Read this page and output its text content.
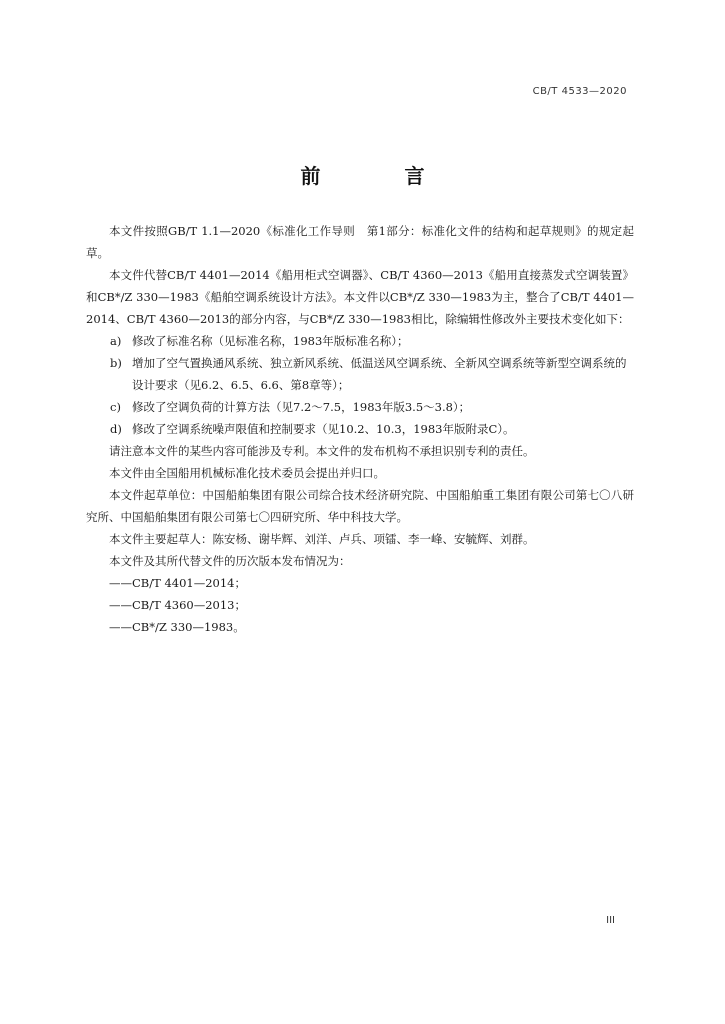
CB/T 4533—2020
前　言

本文件按照GB/T 1.1—2020《标准化工作导则　第1部分：标准化文件的结构和起草规则》的规定起草。

本文件代替CB/T 4401—2014《船用柜式空调器》、CB/T 4360—2013《船用直接蒸发式空调装置》和CB*/Z 330—1983《船舶空调系统设计方法》。本文件以CB*/Z 330—1983为主，整合了CB/T 4401—2014、CB/T 4360—2013的部分内容，与CB*/Z 330—1983相比，除编辑性修改外主要技术变化如下：

a) 修改了标准名称（见标准名称，1983年版标准名称）；

b) 增加了空气置换通风系统、独立新风系统、低温送风空调系统、全新风空调系统等新型空调系统的设计要求（见6.2、6.5、6.6、第8章等）；

c) 修改了空调负荷的计算方法（见7.2～7.5，1983年版3.5～3.8）；

d) 修改了空调系统噪声限值和控制要求（见10.2、10.3，1983年版附录C）。

请注意本文件的某些内容可能涉及专利。本文件的发布机构不承担识别专利的责任。

本文件由全国船用机械标准化技术委员会提出并归口。

本文件起草单位：中国船舶集团有限公司综合技术经济研究院、中国船舶重工集团有限公司第七〇八研究所、中国船舶集团有限公司第七〇四研究所、华中科技大学。

本文件主要起草人：陈安杨、谢毕辉、刘洋、卢兵、项镭、李一峰、安毓辉、刘群。

本文件及其所代替文件的历次版本发布情况为：

——CB/T 4401—2014；

——CB/T 4360—2013；

——CB*/Z 330—1983。

III
